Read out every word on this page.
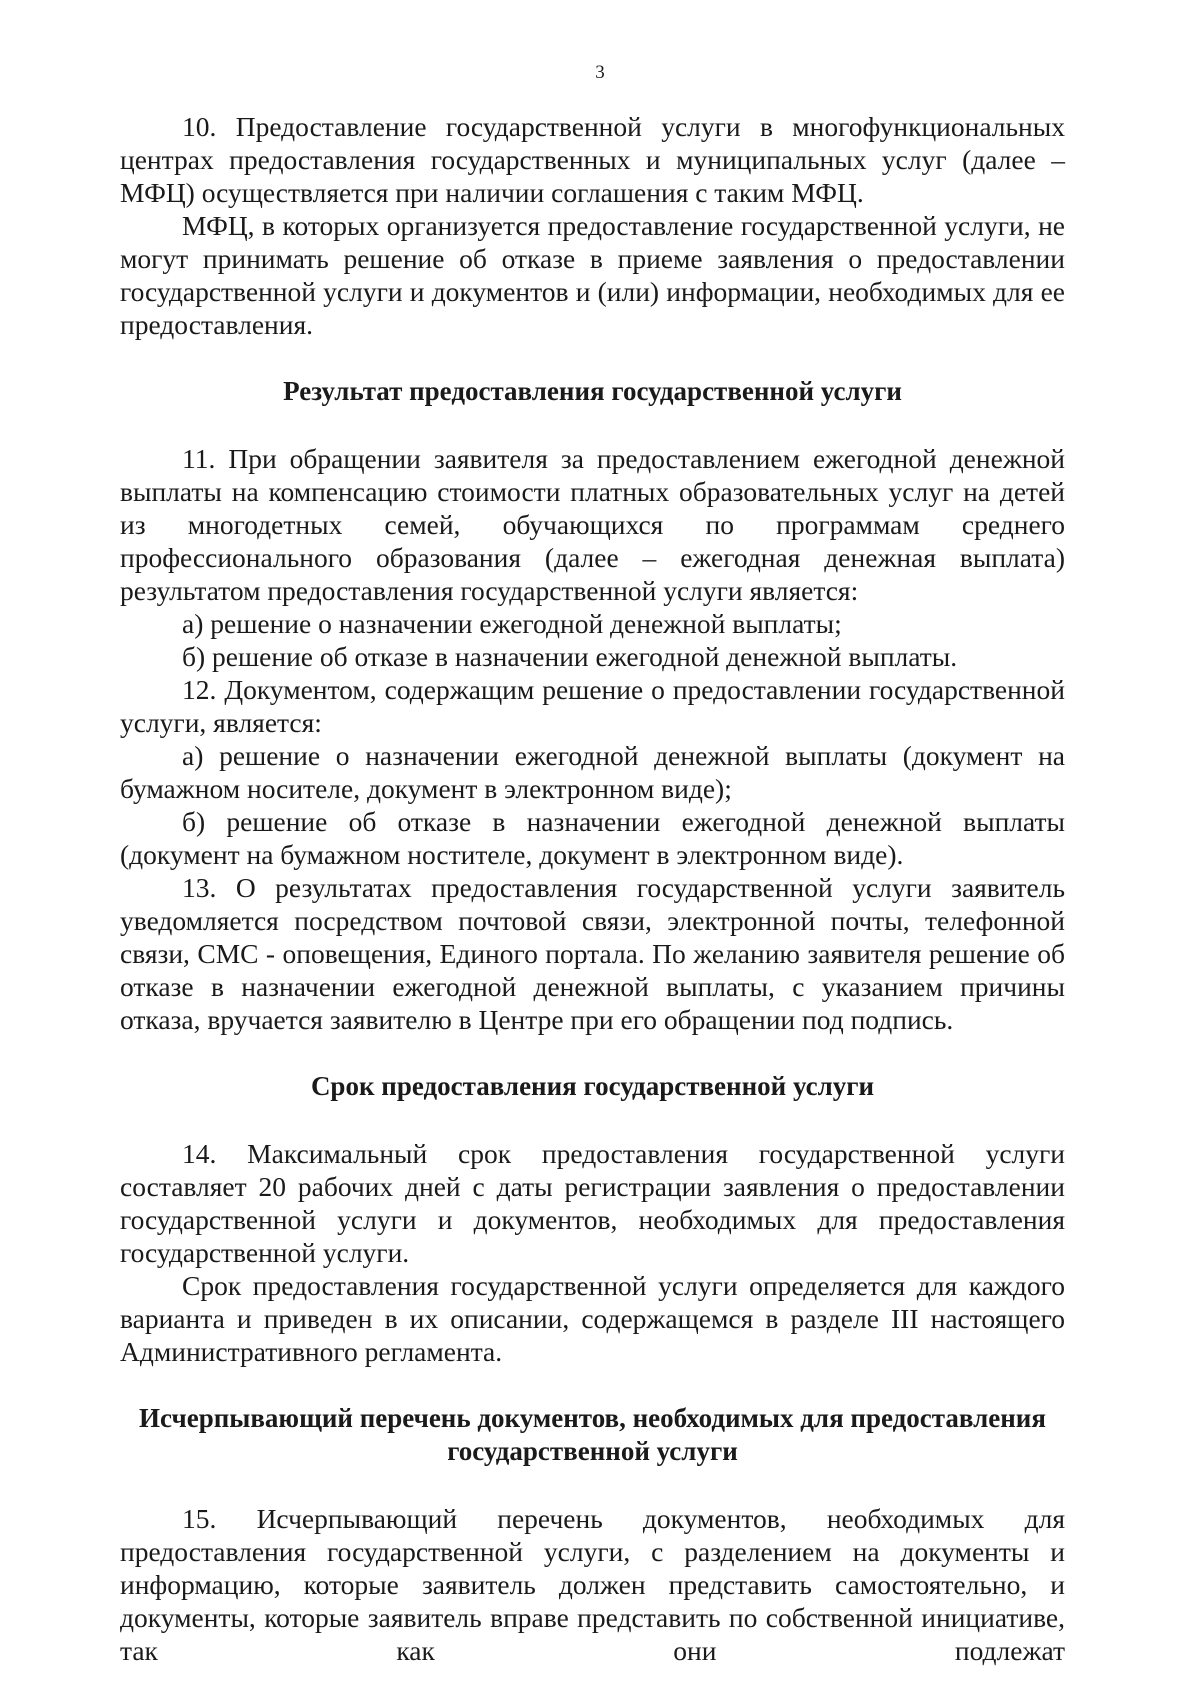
3

10. Предоставление государственной услуги в многофункциональных центрах предоставления государственных и муниципальных услуг (далее – МФЦ) осуществляется при наличии соглашения с таким МФЦ.

МФЦ, в которых организуется предоставление государственной услуги, не могут принимать решение об отказе в приеме заявления о предоставлении государственной услуги и документов и (или) информации, необходимых для ее предоставления.

Результат предоставления государственной услуги

11. При обращении заявителя за предоставлением ежегодной денежной выплаты на компенсацию стоимости платных образовательных услуг на детей из многодетных семей, обучающихся по программам среднего профессионального образования (далее – ежегодная денежная выплата) результатом предоставления государственной услуги является:

а) решение о назначении ежегодной денежной выплаты;

б) решение об отказе в назначении ежегодной денежной выплаты.

12. Документом, содержащим решение о предоставлении государственной услуги, является:

а) решение о назначении ежегодной денежной выплаты (документ на бумажном носителе, документ в электронном виде);

б) решение об отказе в назначении ежегодной денежной выплаты (документ на бумажном ностителе, документ в электронном виде).

13. О результатах предоставления государственной услуги заявитель уведомляется посредством почтовой связи, электронной почты, телефонной связи, СМС - оповещения, Единого портала. По желанию заявителя решение об отказе в назначении ежегодной денежной выплаты, с указанием причины отказа, вручается заявителю в Центре при его обращении под подпись.

Срок предоставления государственной услуги

14. Максимальный срок предоставления государственной услуги составляет 20 рабочих дней с даты регистрации заявления о предоставлении государственной услуги и документов, необходимых для предоставления государственной услуги.

Срок предоставления государственной услуги определяется для каждого варианта и приведен в их описании, содержащемся в разделе III настоящего Административного регламента.

Исчерпывающий перечень документов, необходимых для предоставления государственной услуги

15. Исчерпывающий перечень документов, необходимых для предоставления государственной услуги, с разделением на документы и информацию, которые заявитель должен представить самостоятельно, и документы, которые заявитель вправе представить по собственной инициативе, так как они подлежат
